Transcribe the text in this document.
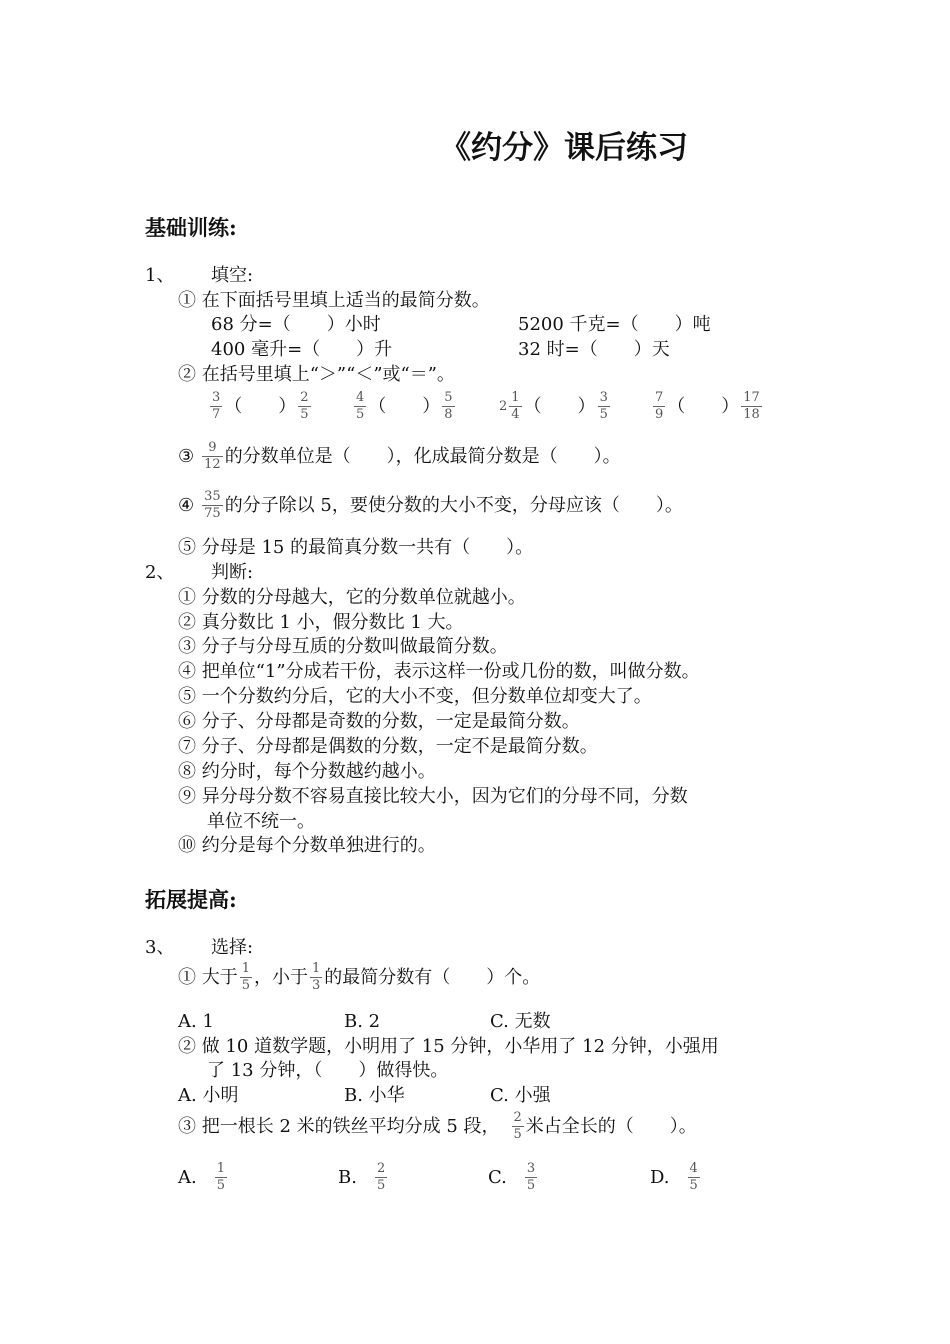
《约分》课后练习
基础训练:
1、 填空:
① 在下面括号里填上适当的最简分数。
68 分=（　　）小时	5200 千克=（　　）吨
400 毫升=（　　）升	32 时=（　　）天
② 在括号里填上“＞”“＜”或“＝”。
$\frac{3}{7}$ （　　） $\frac{2}{5}$	$\frac{4}{5}$ （　　） $\frac{5}{8}$	$2 \frac{1}{4}$ （　　） $\frac{3}{5}$	$\frac{7}{9}$ （　　） $\frac{17}{18}$
③ $\frac{9}{12}$ 的分数单位是（　　），化成最简分数是（　　）。
④ $\frac{35}{75}$ 的分子除以 5，要使分数的大小不变，分母应该（　　）。
⑤ 分母是 15 的最简真分数一共有（　　）。
2、 判断:
① 分数的分母越大，它的分数单位就越小。
② 真分数比 1 小，假分数比 1 大。
③ 分子与分母互质的分数叫做最简分数。
④ 把单位“1”分成若干份，表示这样一份或几份的数，叫做分数。
⑤ 一个分数约分后，它的大小不变，但分数单位却变大了。
⑥ 分子、分母都是奇数的分数，一定是最简分数。
⑦ 分子、分母都是偶数的分数，一定不是最简分数。
⑧ 约分时，每个分数越约越小。
⑨ 异分母分数不容易直接比较大小，因为它们的分母不同，分数
单位不统一。
⑩ 约分是每个分数单独进行的。
拓展提高:
3、 选择:
① 大于 $\frac{1}{5}$ ，小于 $\frac{1}{3}$ 的最简分数有（　　）个。
A. 1	B. 2	C. 无数
② 做 10 道数学题，小明用了 15 分钟，小华用了 12 分钟，小强用
了 13 分钟，（　　）做得快。
A. 小明	B. 小华	C. 小强
③ 把一根长 2 米的铁丝平均分成 5 段， $\frac{2}{5}$ 米占全长的（　　）。
A. $\frac{1}{5}$	B. $\frac{2}{5}$	C. $\frac{3}{5}$	D. $\frac{4}{5}$
